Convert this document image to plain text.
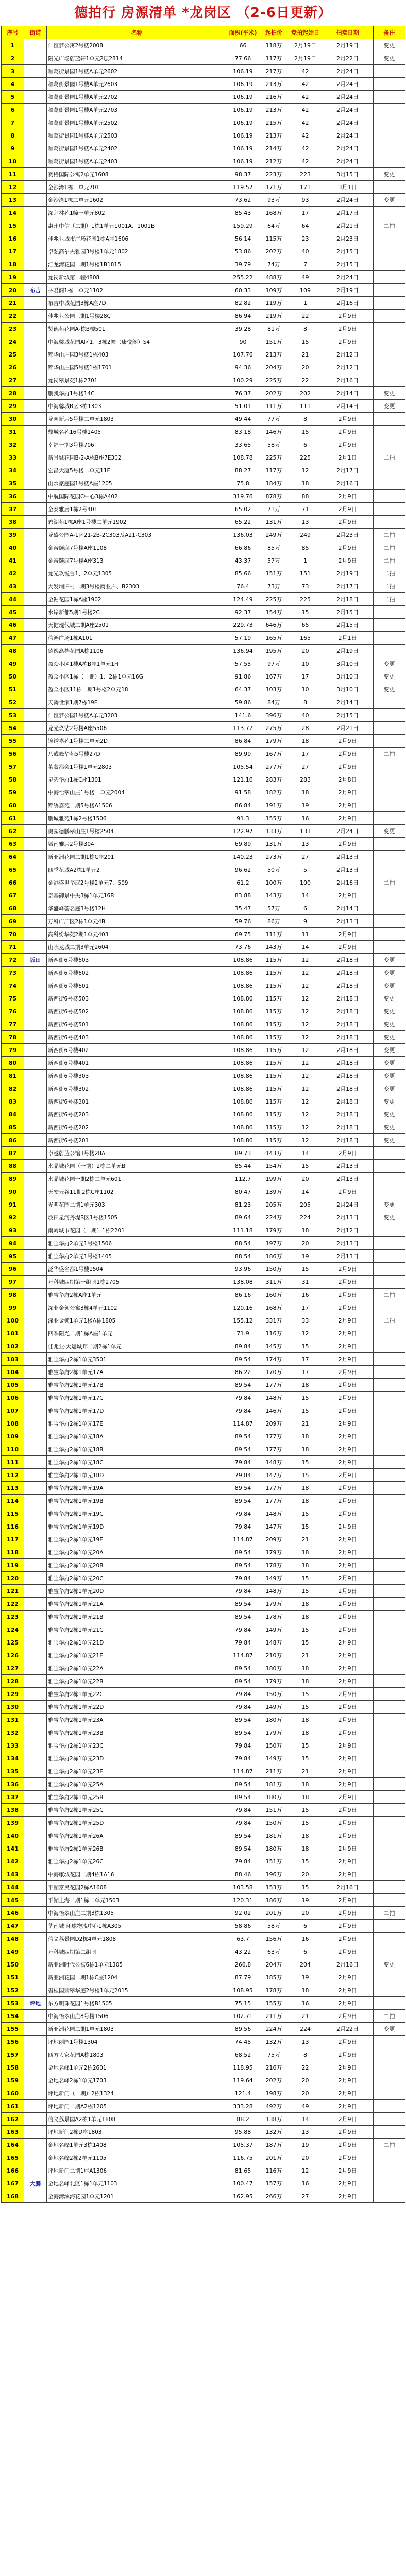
德拍行 房源清单 *龙岗区 （2-6日更新）
序号	街道	名称	面积(平米)	起拍价	竞拍起始日	拍卖日期	备注
1		仁恒梦公寓2号楼2008	66	118万	2月19日	2月19日	变更
2		阳光广场蔚蓝轩1单元2层2814	77.66	117万	2月19日	2月22日	变更
3		和葛街景园1号楼A单元2602	106.19	217万	42	2月24日	
4		和葛街景园1号楼A单元2603	106.19	213万	42	2月24日	
5		和葛街景园1号楼A单元2702	106.19	216万	42	2月24日	
6		和葛街景园1号楼A单元2703	106.19	213万	42	2月24日	
7		和葛街景园1号楼A单元2502	106.19	215万	42	2月24日	
8		和葛街景园1号楼A单元2503	106.19	213万	42	2月24日	
9		和葛街景园1号楼A单元2402	106.19	214万	42	2月24日	
10		和葛街景园1号楼A单元2403	106.19	212万	42	2月24日	
11		赛格国际公寓2单元1608	98.37	223万	223	3月15日	变更
12		金沙湾1栋一单元701	119.57	171万	171	3月1日	
13		金沙湾1栋二单元1602	73.62	93万	93	2月24日	变更
14		深之林苑1幢一单元802	85.43	168万	17	2月17日	
15		惠州中信（二期）1栋1单元1001A、1001B	159.29	64万	64	2月21日	二拍
16		佳兆业城市广场花园1栋A座1606	56.14	115万	23	2月23日	
17		卓弘高尔夫雅园3号楼1单元1802	53.86	202万	40	2月15日	
18		汇龙湾花园二期1号楼1B1815	39.79	74万	7	2月15日	
19		龙岗新城第二幢4808	255.22	488万	49	2月24日	
20	布吉	林君阁1栋一单元1102	60.33	109万	109	2月19日	
21		布吉中城花园3栋A座7D	82.82	119万	1	2月16日	
22		佳兆业公园三期1号楼28C	86.94	219万	22	2月9日	
23		贤德苑花园A-栋B楼501	39.28	81万	8	2月9日	
24		中海馨城花园A区1、3栋2幢（康悦阁）S4	90	151万	15	2月9日	
25		锦华山庄园3号楼1栋403	107.76	213万	21	2月12日	
26		锦华山庄园5号楼1栋1701	94.36	204万	20	2月12日	
27		龙岗翠景苑1栋2701	100.29	225万	22	2月16日	
28		鹏凯华府1号楼14C	76.37	202万	202	2月14日	变更
29		中海馨城B区3栋1303	51.01	111万	111	2月14日	变更
30		龙园新居5号楼二单元1803	49.44	77万	8	2月9日	
31		鼎城名苑16号楼1405	83.18	146万	15	2月9日	
32		幸福一期3号楼706	33.65	58万	6	2月9日	
33		新景城花园B-2-A栋B座7E302	108.78	225万	225	2月1日	二拍
34		宏昌大厦5号楼二单元11F	88.27	117万	12	2月17日	
35		山水豪庭园1号楼A座1205	75.8	184万	18	2月16日	
36		中航国际花园C中心3栋A402	319.76	878万	88	2月9日	
37		金泰雅居1栋2号401	65.02	71万	71	2月9日	
38		碧湖苑1栋A座1号楼二单元1902	65.22	131万	13	2月9日	
39		龙盛公园A-1区21-2B-2C303及A21-C303	136.03	249万	249	2月23日	二拍
40		金帝颐庭7号楼A座1108	66.86	85万	85	2月9日	二拍
41		金帝颐庭7号楼A座313	43.37	57万	1	2月9日	二拍
42		龙光玖悦台1、2单元1305	85.66	151万	151	2月19日	二拍
43		大发埔旧村二期3号楼商业户、B2303	76.4	73万	73	2月17日	二拍
44		金钻花园1栋A座1902	124.49	225万	225	2月18日	二拍
45		水岸新都5期1号楼2C	92.37	154万	15	2月15日	
46		天健现代城二期A座2501	229.73	646万	65	2月15日	
47		信鸿广场1栋A101	57.19	165万	165	2月1日	
48		德逸高档花园A栋1106	136.94	195万	20	2月19日	
49		盈众小区1楼A栋B座1单元1H	57.55	97万	10	3月10日	变更
50		盈众小区1栋（一期）1、2栋1单元16G	91.86	167万	17	3月10日	变更
51		盈众小区11栋二期1号楼2单元18	64.37	103万	10	3月10日	变更
52		天骄世家1期7栋19E	59.86	84万	8	2月14日	
53		仁恒梦公园1号楼A单元3203	141.6	396万	40	2月15日	
54		龙光玖钻2号楼A座5506	113.77	275万	28	2月21日	
55		锦绣嘉苑1号楼二单元2D	86.84	179万	18	2月9日	
56		八戒峰华苑5号楼27D	89.99	167万	17	2月9日	二拍
57		莱蒙都会1号楼1单元2803	105.54	277万	27	2月9日	
58		星碧华府1栋C座1301	121.16	283万	283	2月8日	
59		中海怡翠山庄1号楼一单元2004	91.58	182万	18	2月9日	
60		锦绣嘉苑一期5号楼A1506	86.84	191万	19	2月9日	
61		鹏城雅苑1栋2号楼1506	91.3	155万	16	2月9日	
62		奥园德鹏翠山庄1号楼2504	122.97	133万	133	2月24日	变更
63		城南雅居2号楼304	69.89	131万	13	2月9日	
64		新亚洲花园二期1栋C座201	140.23	273万	27	2月13日	
65		四季花城A2栋1单元2	96.62	50万	5	2月13日	
66		金港盛世华庭2号楼2单元7、509	61.2	100万	100	2月16日	二拍
67		京基御景中央3栋1单元16B	83.88	143万	14	2月9日	
68		华盛峰荟名庭3号楼12H	35.47	57万	6	2月14日	
69		万科广厂区2栋1单元4B	59.76	86万	9	2月13日	
70		高科纷华苑2期1单元403	69.75	111万	11	2月9日	
71		山水龙城二期3单元2604	73.76	143万	14	2月9日	
72	坂田	新西街6号楼603	108.86	115万	12	2月18日	变更
73		新西街6号楼602	108.86	115万	12	2月18日	变更
74		新西街6号楼601	108.86	115万	12	2月18日	变更
75		新西街6号楼503	108.86	115万	12	2月18日	变更
76		新西街6号楼502	108.86	115万	12	2月18日	变更
77		新西街6号楼501	108.86	115万	12	2月18日	变更
78		新西街6号楼403	108.86	115万	12	2月18日	变更
79		新西街6号楼402	108.86	115万	12	2月18日	变更
80		新西街6号楼401	108.86	115万	12	2月18日	变更
81		新西街6号楼303	108.86	115万	12	2月18日	变更
82		新西街6号楼302	108.86	115万	12	2月18日	变更
83		新西街6号楼301	108.86	115万	12	2月18日	变更
84		新西街6号楼203	108.86	115万	12	2月18日	变更
85		新西街6号楼202	108.86	115万	12	2月18日	变更
86		新西街6号楼201	108.86	115万	12	2月18日	变更
87		卓越蔚蓝公馆3号楼28A	89.73	143万	14	2月9日	
88		水晶城花园（一期）2栋二单元B	85.44	154万	15	2月13日	
89		水晶城花园一期2栋二单元601	112.7	199万	20	2月13日	
90		天安云谷11期2栋C座1102	80.47	139万	14	2月9日	
91		光明花园二期1单元303	81.23	205万	205	2月24日	变更
92		坂田星河丹堤B区1号楼1505	89.64	224万	224	2月13日	变更
93		南岭城市花园（二期）1栋2201	111.18	179万	18	2月12日	
94		雅宝华府2单元1号楼1506	88.54	197万	20	2月13日	
95		雅宝华府2单元1号楼1405	88.54	186万	19	2月13日	
96		泛华盛名都1号楼1504	93.96	150万	15	2月9日	
97		万科城四期第一组团1栋2705	138.08	311万	31	2月9日	
98		雅宝华府2栋A座1单元	86.16	160万	16	2月9日	二拍
99		深业金领公寓3栋4单元1102	120.16	168万	17	2月9日	
100		深业金领1单元1楼A栋1805	155.12	331万	33	2月9日	二拍
101		四季阳光二期1栋A座1单元	71.9	116万	12	2月9日	
102		佳兆业·大运城邦二期2栋1单元	89.84	145万	15	2月9日	
103		雅宝华府2栋1单元3501	89.54	174万	17	2月9日	
104		雅宝华府2栋1单元17A	86.22	170万	17	2月9日	
105		雅宝华府2栋1单元17B	89.54	177万	18	2月9日	
106		雅宝华府2栋1单元17C	79.84	148万	15	2月9日	
107		雅宝华府2栋1单元17D	79.84	146万	15	2月9日	
108		雅宝华府2栋1单元17E	114.87	209万	21	2月9日	
109		雅宝华府2栋1单元18A	89.54	177万	18	2月9日	
110		雅宝华府2栋1单元18B	89.54	177万	18	2月9日	
111		雅宝华府2栋1单元18C	79.84	148万	15	2月9日	
112		雅宝华府2栋1单元18D	79.84	147万	15	2月9日	
113		雅宝华府2栋1单元19A	89.54	177万	18	2月9日	
114		雅宝华府2栋1单元19B	89.54	177万	18	2月9日	
115		雅宝华府2栋1单元19C	79.84	148万	15	2月9日	
116		雅宝华府2栋1单元19D	79.84	147万	15	2月9日	
117		雅宝华府2栋1单元19E	114.87	209万	21	2月9日	
118		雅宝华府2栋1单元20A	89.54	179万	18	2月9日	
119		雅宝华府2栋1单元20B	89.54	178万	18	2月9日	
120		雅宝华府2栋1单元20C	79.84	149万	15	2月9日	
121		雅宝华府2栋1单元20D	79.84	148万	15	2月9日	
122		雅宝华府2栋1单元21A	89.54	179万	18	2月9日	
123		雅宝华府2栋1单元21B	89.54	178万	18	2月9日	
124		雅宝华府2栋1单元21C	79.84	149万	15	2月9日	
125		雅宝华府2栋1单元21D	79.84	148万	15	2月9日	
126		雅宝华府2栋1单元21E	114.87	210万	21	2月9日	
127		雅宝华府2栋1单元22A	89.54	180万	18	2月9日	
128		雅宝华府2栋1单元22B	89.54	179万	18	2月9日	
129		雅宝华府2栋1单元22C	79.84	150万	15	2月9日	
130		雅宝华府2栋1单元22D	79.84	149万	15	2月9日	
131		雅宝华府2栋1单元23A	89.54	180万	18	2月9日	
132		雅宝华府2栋1单元23B	89.54	179万	18	2月9日	
133		雅宝华府2栋1单元23C	79.84	150万	15	2月9日	
134		雅宝华府2栋1单元23D	79.84	149万	15	2月9日	
135		雅宝华府2栋1单元23E	114.87	211万	21	2月9日	
136		雅宝华府2栋1单元25A	89.54	181万	18	2月9日	
137		雅宝华府2栋1单元25B	89.54	180万	18	2月9日	
138		雅宝华府2栋1单元25C	79.84	151万	15	2月9日	
139		雅宝华府2栋1单元25D	79.84	150万	15	2月9日	
140		雅宝华府2栋1单元26A	89.54	181万	18	2月9日	
141		雅宝华府2栋1单元26B	89.54	180万	18	2月9日	
142		雅宝华府2栋1单元26C	79.84	151万	15	2月9日	
143		中海康城花园二期4栋1A16	88.46	196万	20	2月9日	
144		平湖富民花园2栋A1608	103.58	153万	15	2月16日	
145		平湖上海二期1栋二单元1503	120.31	186万	19	2月9日	
146		中海怡翠山庄二期3栋1305	92.02	201万	20	2月9日	二拍
147		华南城·环球物流中心1栋A305	58.86	58万	6	2月9日	
148		信义荔景园D2栋4单元1808	63.7	156万	16	2月9日	
149		万科城四期第二组团	43.22	63万	6	2月9日	
150		新亚洲时代公寓6栋1单元1305	266.8	204万	204	2月16日	变更
151		新亚洲花园二期1栋C座1204	87.79	185万	19	2月9日	
152		碧桂园翡翠华庭2号楼1单元2015	108.95	178万	18	2月9日	
153	坪地	东方明珠花园1号楼B1505	75.15	155万	16	2月9日	
154		中海怡翠山庄8号楼1506	102.71	211万	21	2月9日	二拍
155		新亚洲花园二期1单元1803	89.56	224万	224	2月22日	变更
156		坪地丽园1号楼1304	74.45	132万	13	2月9日	
157		四方人家花园A栋1803	68.52	75万	8	2月9日	
158		金地名峰1单元2栋2601	118.95	216万	22	2月9日	
159		金地名峰2栋1单元1703	119.64	202万	20	2月9日	
160		坪地新门（一期）2栋1324	121.4	198万	20	2月9日	
161		坪地新门二期A2栋1205	333.28	492万	49	2月9日	
162		信义荔景园A2栋1单元1808	88.2	138万	14	2月9日	
163		坪地新门2栋D座1803	95.88	132万	13	2月9日	
164		金地名峰1单元3栋1408	105.37	187万	19	2月9日	二拍
165		金地名峰2栋2单元1105	116.75	201万	20	2月9日	
166		坪地新门二期1座A1306	81.65	116万	12	2月9日	
167	大鹏	金地名峰北区1栋1单元1103	100.47	157万	16	2月9日	
168		金海湾滨海花园1单元1201	162.95	266万	27	2月9日	
